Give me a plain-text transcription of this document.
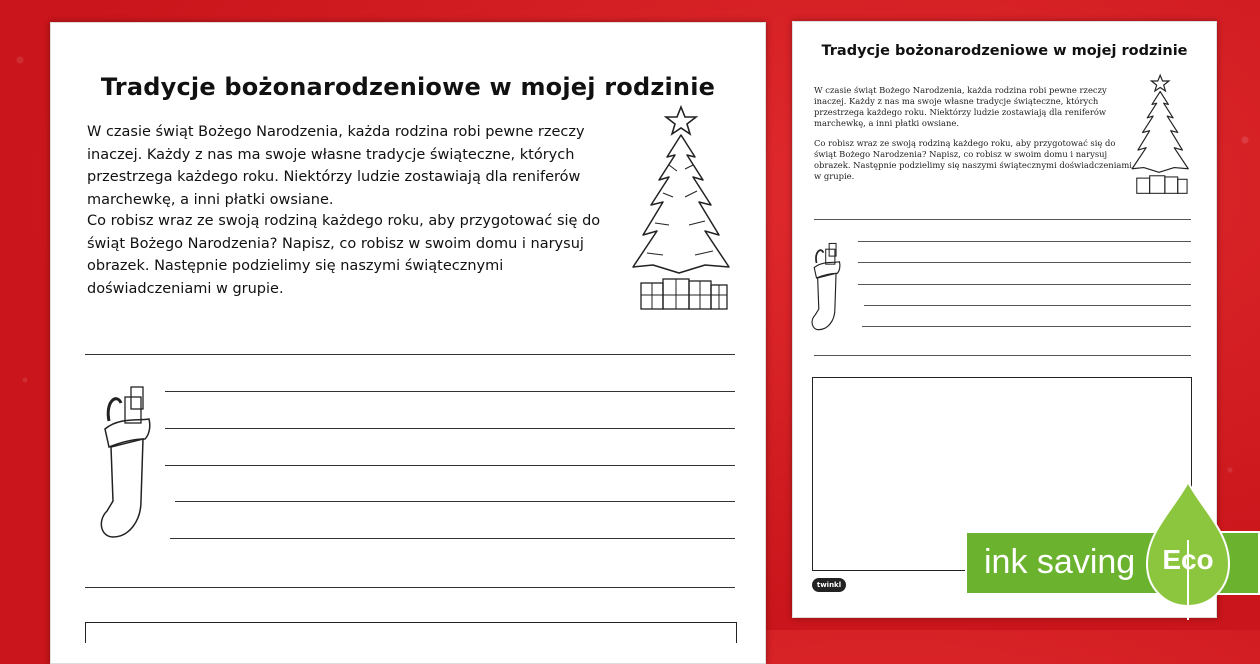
Tradycje bożonarodzeniowe w mojej rodzinie
W czasie świąt Bożego Narodzenia, każda rodzina robi pewne rzeczy inaczej. Każdy z nas ma swoje własne tradycje świąteczne, których przestrzega każdego roku. Niektórzy ludzie zostawiają dla reniferów marchewkę, a inni płatki owsiane.
Co robisz wraz ze swoją rodziną każdego roku, aby przygotować się do świąt Bożego Narodzenia? Napisz, co robisz w swoim domu i narysuj obrazek. Następnie podzielimy się naszymi świątecznymi doświadczeniami w grupie.
Tradycje bożonarodzeniowe w mojej rodzinie
W czasie świąt Bożego Narodzenia, każda rodzina robi pewne rzeczy inaczej. Każdy z nas ma swoje własne tradycje świąteczne, których przestrzega każdego roku. Niektórzy ludzie zostawiają dla reniferów marchewkę, a inni płatki owsiane.
Co robisz wraz ze swoją rodziną każdego roku, aby przygotować się do świąt Bożego Narodzenia? Napisz, co robisz w swoim domu i narysuj obrazek. Następnie podzielimy się naszymi świątecznymi doświadczeniami w grupie.
twinkl
ink saving Eco
